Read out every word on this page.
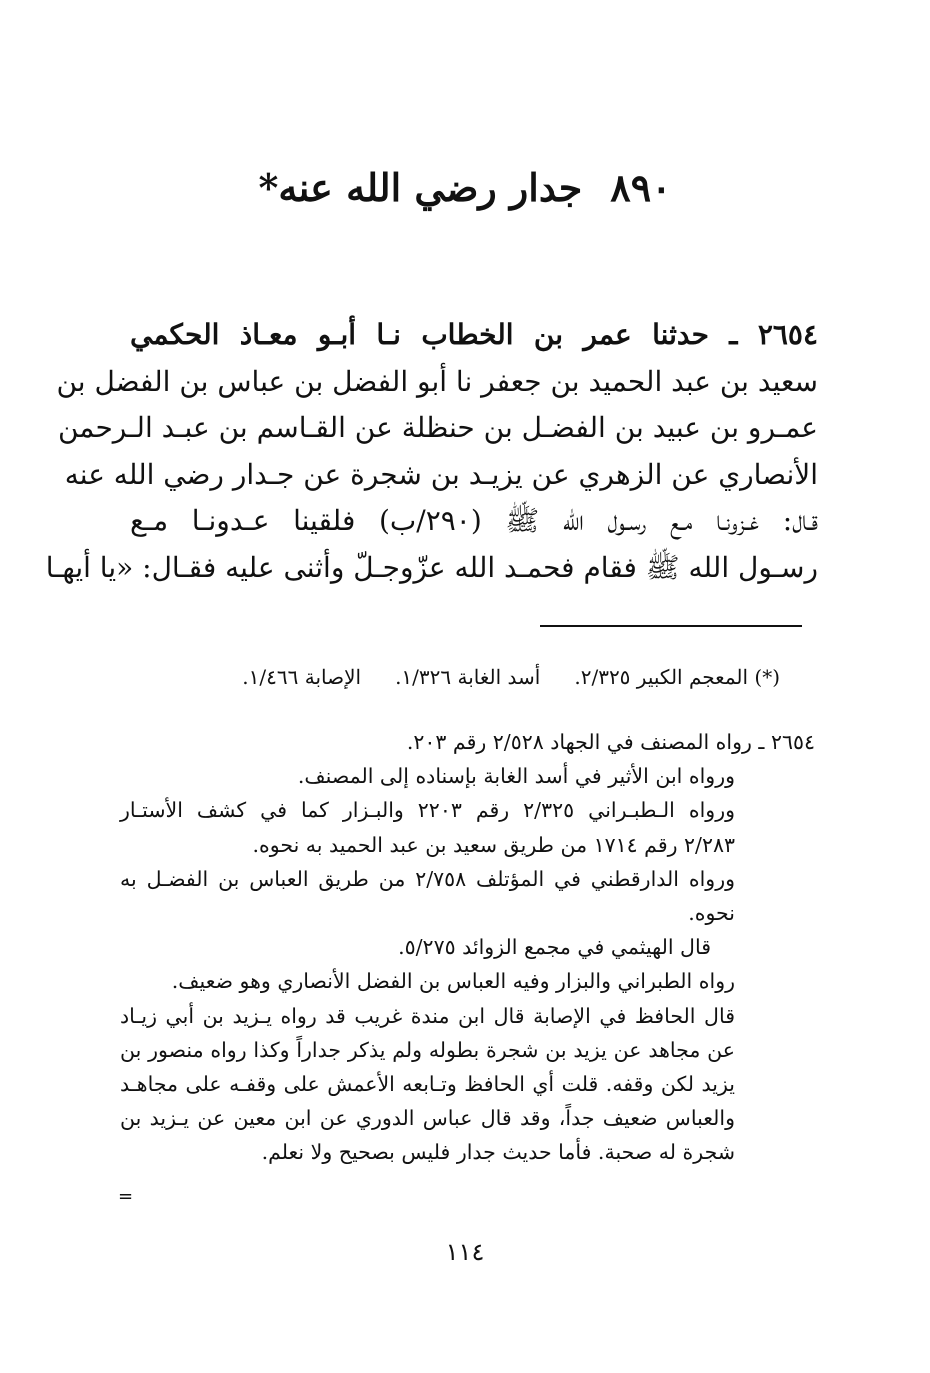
٨٩٠جدار رضي الله عنه*
٢٦٥٤ ـ حدثنا عمر بن الخطاب نـا أبـو معـاذ الحكمي
سعيد بن عبد الحميد بن جعفر نا أبو الفضل بن عباس بن الفضل بن
عمـرو بن عبيد بن الفضـل بن حنظلة عن القـاسم بن عبـد الـرحمن
الأنصاري عن الزهري عن يزيـد بن شجرة عن جـدار رضي الله عنه
قـال: غـزونـا مـع رسـول الله ﷺ (٢٩٠/ب) فلقينا عـدونـا مـع
رسـول الله ﷺ فقام فحمـد الله عزّوجـلّ وأثنى عليه فقـال: «يا أيهـا
(*) المعجم الكبير ٢/٣٢٥.أسد الغابة ١/٣٢٦.الإصابة ١/٤٦٦.
٢٦٥٤ ـ رواه المصنف في الجهاد ٢/٥٢٨ رقم ٢٠٣.
ورواه ابن الأثير في أسد الغابة بإسناده إلى المصنف.
ورواه الـطبـراني ٢/٣٢٥ رقم ٢٢٠٣ والبـزار كما في كشف الأستـار
٢/٢٨٣ رقم ١٧١٤ من طريق سعيد بن عبد الحميد به نحوه.
ورواه الدارقطني في المؤتلف ٢/٧٥٨ من طريق العباس بن الفضـل به
نحوه.
قال الهيثمي في مجمع الزوائد ٥/٢٧٥.
رواه الطبراني والبزار وفيه العباس بن الفضل الأنصاري وهو ضعيف.
قال الحافظ في الإصابة قال ابن مندة غريب قد رواه يـزيد بن أبي زيـاد
عن مجاهد عن يزيد بن شجرة بطوله ولم يذكر جداراً وكذا رواه منصور بن
يزيد لكن وقفه. قلت أي الحافظ وتـابعه الأعمش على وقفـه على مجاهـد
والعباس ضعيف جداً، وقد قال عباس الدوري عن ابن معين عن يـزيد بن
شجرة له صحبة. فأما حديث جدار فليس بصحيح ولا نعلم.
=
١١٤
